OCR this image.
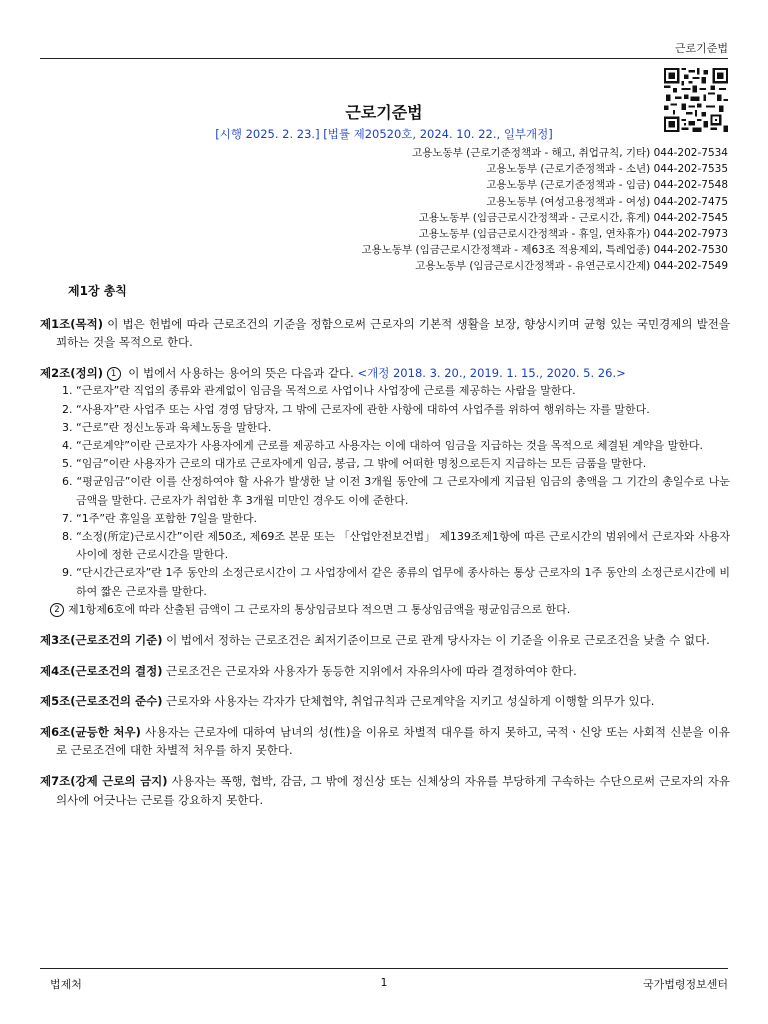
근로기준법
근로기준법
[시행 2025. 2. 23.] [법률 제20520호, 2024. 10. 22., 일부개정]
고용노동부 (근로기준정책과 - 해고, 취업규칙, 기타) 044-202-7534
고용노동부 (근로기준정책과 - 소년) 044-202-7535
고용노동부 (근로기준정책과 - 임금) 044-202-7548
고용노동부 (여성고용정책과 - 여성) 044-202-7475
고용노동부 (임금근로시간정책과 - 근로시간, 휴게) 044-202-7545
고용노동부 (임금근로시간정책과 - 휴일, 연차휴가) 044-202-7973
고용노동부 (임금근로시간정책과 - 제63조 적용제외, 특례업종) 044-202-7530
고용노동부 (임금근로시간정책과 - 유연근로시간제) 044-202-7549
제1장 총칙
제1조(목적) 이 법은 헌법에 따라 근로조건의 기준을 정함으로써 근로자의 기본적 생활을 보장, 향상시키며 균형 있는 국민경제의 발전을 꾀하는 것을 목적으로 한다.
제2조(정의) 1 이 법에서 사용하는 용어의 뜻은 다음과 같다. <개정 2018. 3. 20., 2019. 1. 15., 2020. 5. 26.>
1. “근로자”란 직업의 종류와 관계없이 임금을 목적으로 사업이나 사업장에 근로를 제공하는 사람을 말한다.
2. “사용자”란 사업주 또는 사업 경영 담당자, 그 밖에 근로자에 관한 사항에 대하여 사업주를 위하여 행위하는 자를 말한다.
3. “근로”란 정신노동과 육체노동을 말한다.
4. “근로계약”이란 근로자가 사용자에게 근로를 제공하고 사용자는 이에 대하여 임금을 지급하는 것을 목적으로 체결된 계약을 말한다.
5. “임금”이란 사용자가 근로의 대가로 근로자에게 임금, 봉급, 그 밖에 어떠한 명칭으로든지 지급하는 모든 금품을 말한다.
6. “평균임금”이란 이를 산정하여야 할 사유가 발생한 날 이전 3개월 동안에 그 근로자에게 지급된 임금의 총액을 그 기간의 총일수로 나눈 금액을 말한다. 근로자가 취업한 후 3개월 미만인 경우도 이에 준한다.
7. “1주”란 휴일을 포함한 7일을 말한다.
8. “소정(所定)근로시간”이란 제50조, 제69조 본문 또는 「산업안전보건법」 제139조제1항에 따른 근로시간의 범위에서 근로자와 사용자 사이에 정한 근로시간을 말한다.
9. “단시간근로자”란 1주 동안의 소정근로시간이 그 사업장에서 같은 종류의 업무에 종사하는 통상 근로자의 1주 동안의 소정근로시간에 비하여 짧은 근로자를 말한다.
2 제1항제6호에 따라 산출된 금액이 그 근로자의 통상임금보다 적으면 그 통상임금액을 평균임금으로 한다.
제3조(근로조건의 기준) 이 법에서 정하는 근로조건은 최저기준이므로 근로 관계 당사자는 이 기준을 이유로 근로조건을 낮출 수 없다.
제4조(근로조건의 결정) 근로조건은 근로자와 사용자가 동등한 지위에서 자유의사에 따라 결정하여야 한다.
제5조(근로조건의 준수) 근로자와 사용자는 각자가 단체협약, 취업규칙과 근로계약을 지키고 성실하게 이행할 의무가 있다.
제6조(균등한 처우) 사용자는 근로자에 대하여 남녀의 성(性)을 이유로 차별적 대우를 하지 못하고, 국적ㆍ신앙 또는 사회적 신분을 이유로 근로조건에 대한 차별적 처우를 하지 못한다.
제7조(강제 근로의 금지) 사용자는 폭행, 협박, 감금, 그 밖에 정신상 또는 신체상의 자유를 부당하게 구속하는 수단으로써 근로자의 자유의사에 어긋나는 근로를 강요하지 못한다.
법제처	1	국가법령정보센터
